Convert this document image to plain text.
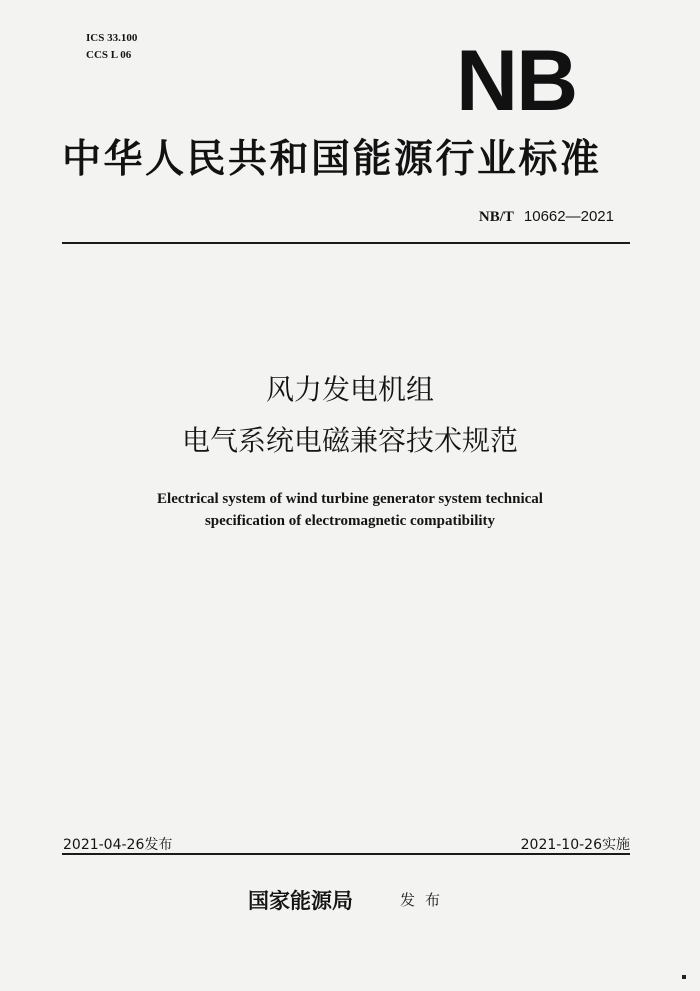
ICS 33.100
CCS L 06	NB
中华人民共和国能源行业标准
NB/T 10662—2021
风力发电机组
电气系统电磁兼容技术规范
Electrical system of wind turbine generator system technical
specification of electromagnetic compatibility
2021-04-26发布	2021-10-26实施
国家能源局	发布
